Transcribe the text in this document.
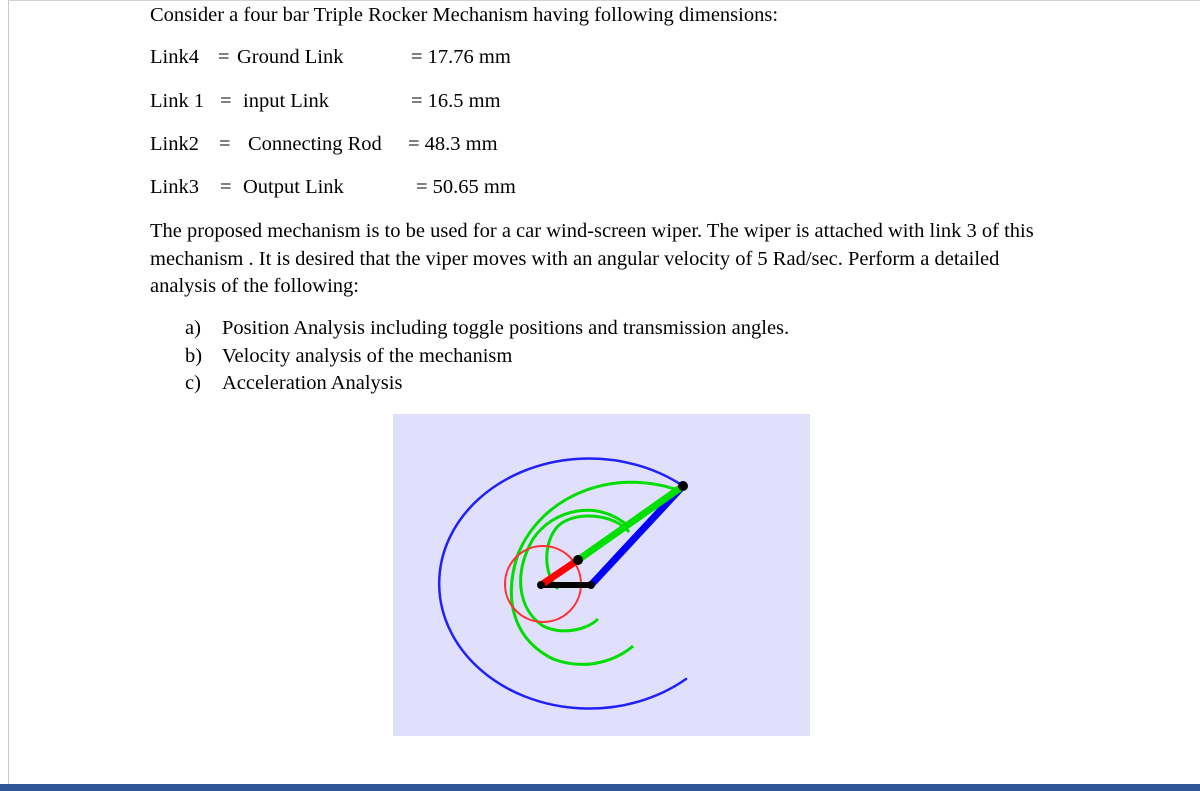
Consider a four bar Triple Rocker Mechanism having following dimensions:
Link4 = Ground Link	= 17.76 mm
Link 1 = input Link	= 16.5 mm
Link2 = Connecting Rod = 48.3 mm
Link3 = Output Link	= 50.65 mm
The proposed mechanism is to be used for a car wind-screen wiper. The wiper is attached with link 3 of this mechanism . It is desired that the viper moves with an angular velocity of 5 Rad/sec. Perform a detailed analysis of the following:
a) Position Analysis including toggle positions and transmission angles.
b) Velocity analysis of the mechanism
c) Acceleration Analysis
